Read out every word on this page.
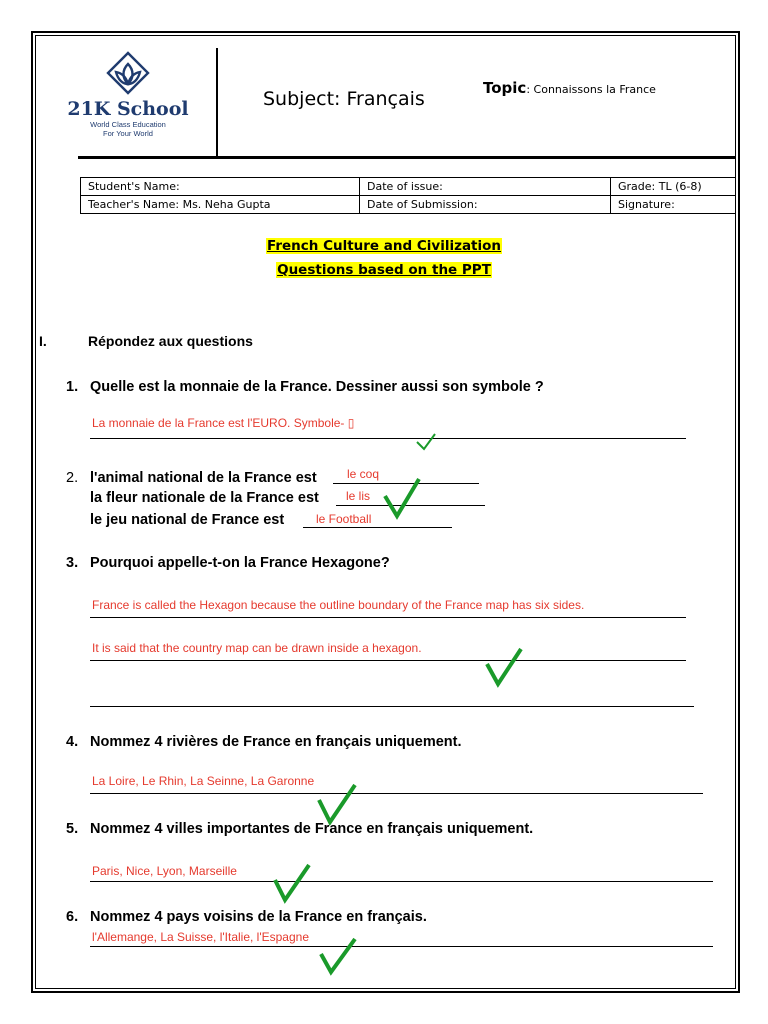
21K School
World Class Education
For Your World
Subject: Français	Topic: Connaissons la France
Student's Name:	Date of issue:	Grade: TL (6-8)
Teacher's Name: Ms. Neha Gupta	Date of Submission:	Signature:
French Culture and Civilization
Questions based on the PPT
I.	Répondez aux questions
1. Quelle est la monnaie de la France. Dessiner aussi son symbole ?
La monnaie de la France est l'EURO. Symbole- ▯
2. l'animal national de la France est	le coq
la fleur nationale de la France est le lis
le jeu national de France est	le Football
3. Pourquoi appelle-t-on la France Hexagone?
France is called the Hexagon because the outline boundary of the France map has six sides.
It is said that the country map can be drawn inside a hexagon.
4. Nommez 4 rivières de France en français uniquement.
La Loire, Le Rhin, La Seinne, La Garonne
5. Nommez 4 villes importantes de France en français uniquement.
Paris, Nice, Lyon, Marseille
6. Nommez 4 pays voisins de la France en français.
l'Allemange, La Suisse, l'Italie, l'Espagne
